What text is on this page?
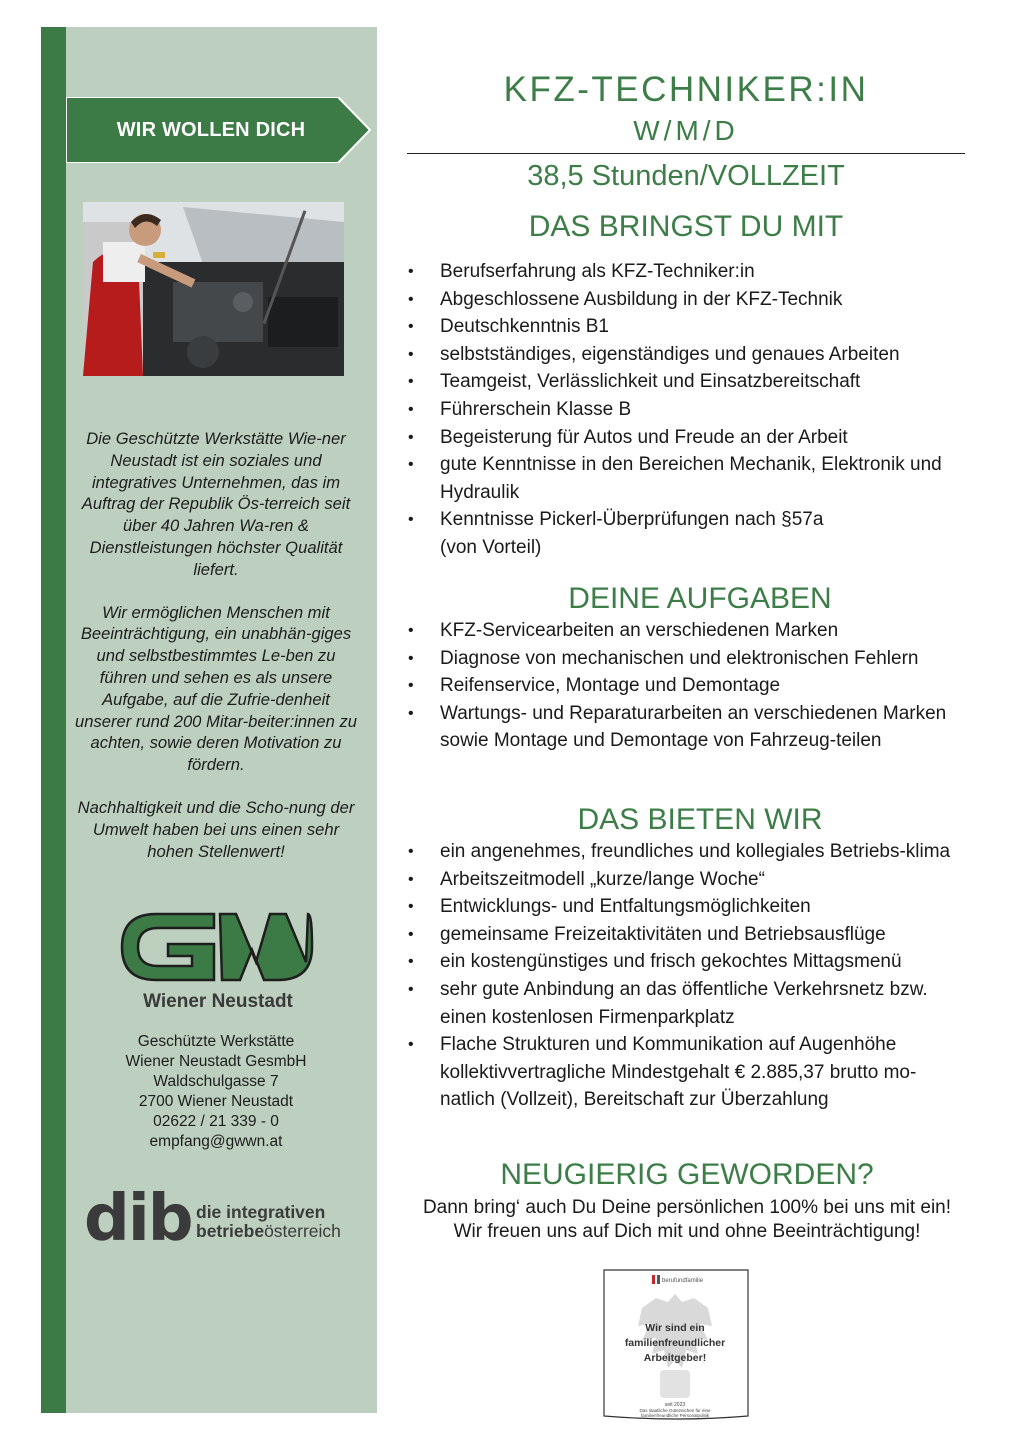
WIR WOLLEN DICH

Die Geschützte Werkstätte Wie-ner Neustadt ist ein soziales und integratives Unternehmen, das im Auftrag der Republik Ös-terreich seit über 40 Jahren Wa-ren & Dienstleistungen höchster Qualität liefert.

Wir ermöglichen Menschen mit Beeinträchtigung, ein unabhän-giges und selbstbestimmtes Le-ben zu führen und sehen es als unsere Aufgabe, auf die Zufrie-denheit unserer rund 200 Mitar-beiter:innen zu achten, sowie deren Motivation zu fördern.

Nachhaltigkeit und die Scho-nung der Umwelt haben bei uns einen sehr hohen Stellenwert!

Wiener Neustadt
Geschützte Werkstätte
Wiener Neustadt GesmbH
Waldschulgasse 7
2700 Wiener Neustadt
02622 / 21 339 - 0
empfang@gwwn.at
dib die integrativen
betriebeösterreich
KFZ-TECHNIKER:IN
W/M/D
38,5 Stunden/VOLLZEIT
DAS BRINGST DU MIT
• Berufserfahrung als KFZ-Techniker:in
• Abgeschlossene Ausbildung in der KFZ-Technik
• Deutschkenntnis B1
• selbstständiges, eigenständiges und genaues Arbeiten
• Teamgeist, Verlässlichkeit und Einsatzbereitschaft
• Führerschein Klasse B
• Begeisterung für Autos und Freude an der Arbeit
• gute Kenntnisse in den Bereichen Mechanik, Elektronik und Hydraulik
• Kenntnisse Pickerl-Überprüfungen nach §57a (von Vorteil)
DEINE AUFGABEN
• KFZ-Servicearbeiten an verschiedenen Marken
• Diagnose von mechanischen und elektronischen Fehlern
• Reifenservice, Montage und Demontage
• Wartungs- und Reparaturarbeiten an verschiedenen Marken sowie Montage und Demontage von Fahrzeug-teilen
DAS BIETEN WIR
• ein angenehmes, freundliches und kollegiales Betriebs-klima
• Arbeitszeitmodell „kurze/lange Woche“
• Entwicklungs- und Entfaltungsmöglichkeiten
• gemeinsame Freizeitaktivitäten und Betriebsausflüge
• ein kostengünstiges und frisch gekochtes Mittagsmenü
• sehr gute Anbindung an das öffentliche Verkehrsnetz bzw. einen kostenlosen Firmenparkplatz
• Flache Strukturen und Kommunikation auf Augenhöhe kollektivvertragliche Mindestgehalt € 2.885,37 brutto mo-natlich (Vollzeit), Bereitschaft zur Überzahlung
NEUGIERIG GEWORDEN?
Dann bring‘ auch Du Deine persönlichen 100% bei uns mit ein!
Wir freuen uns auf Dich mit und ohne Beeinträchtigung!
berufundfamilie
Wir sind ein
familienfreundlicher
Arbeitgeber!
seit 2023
Das staatliche Gütezeichen für eine
familienfreundliche Personalpolitik
